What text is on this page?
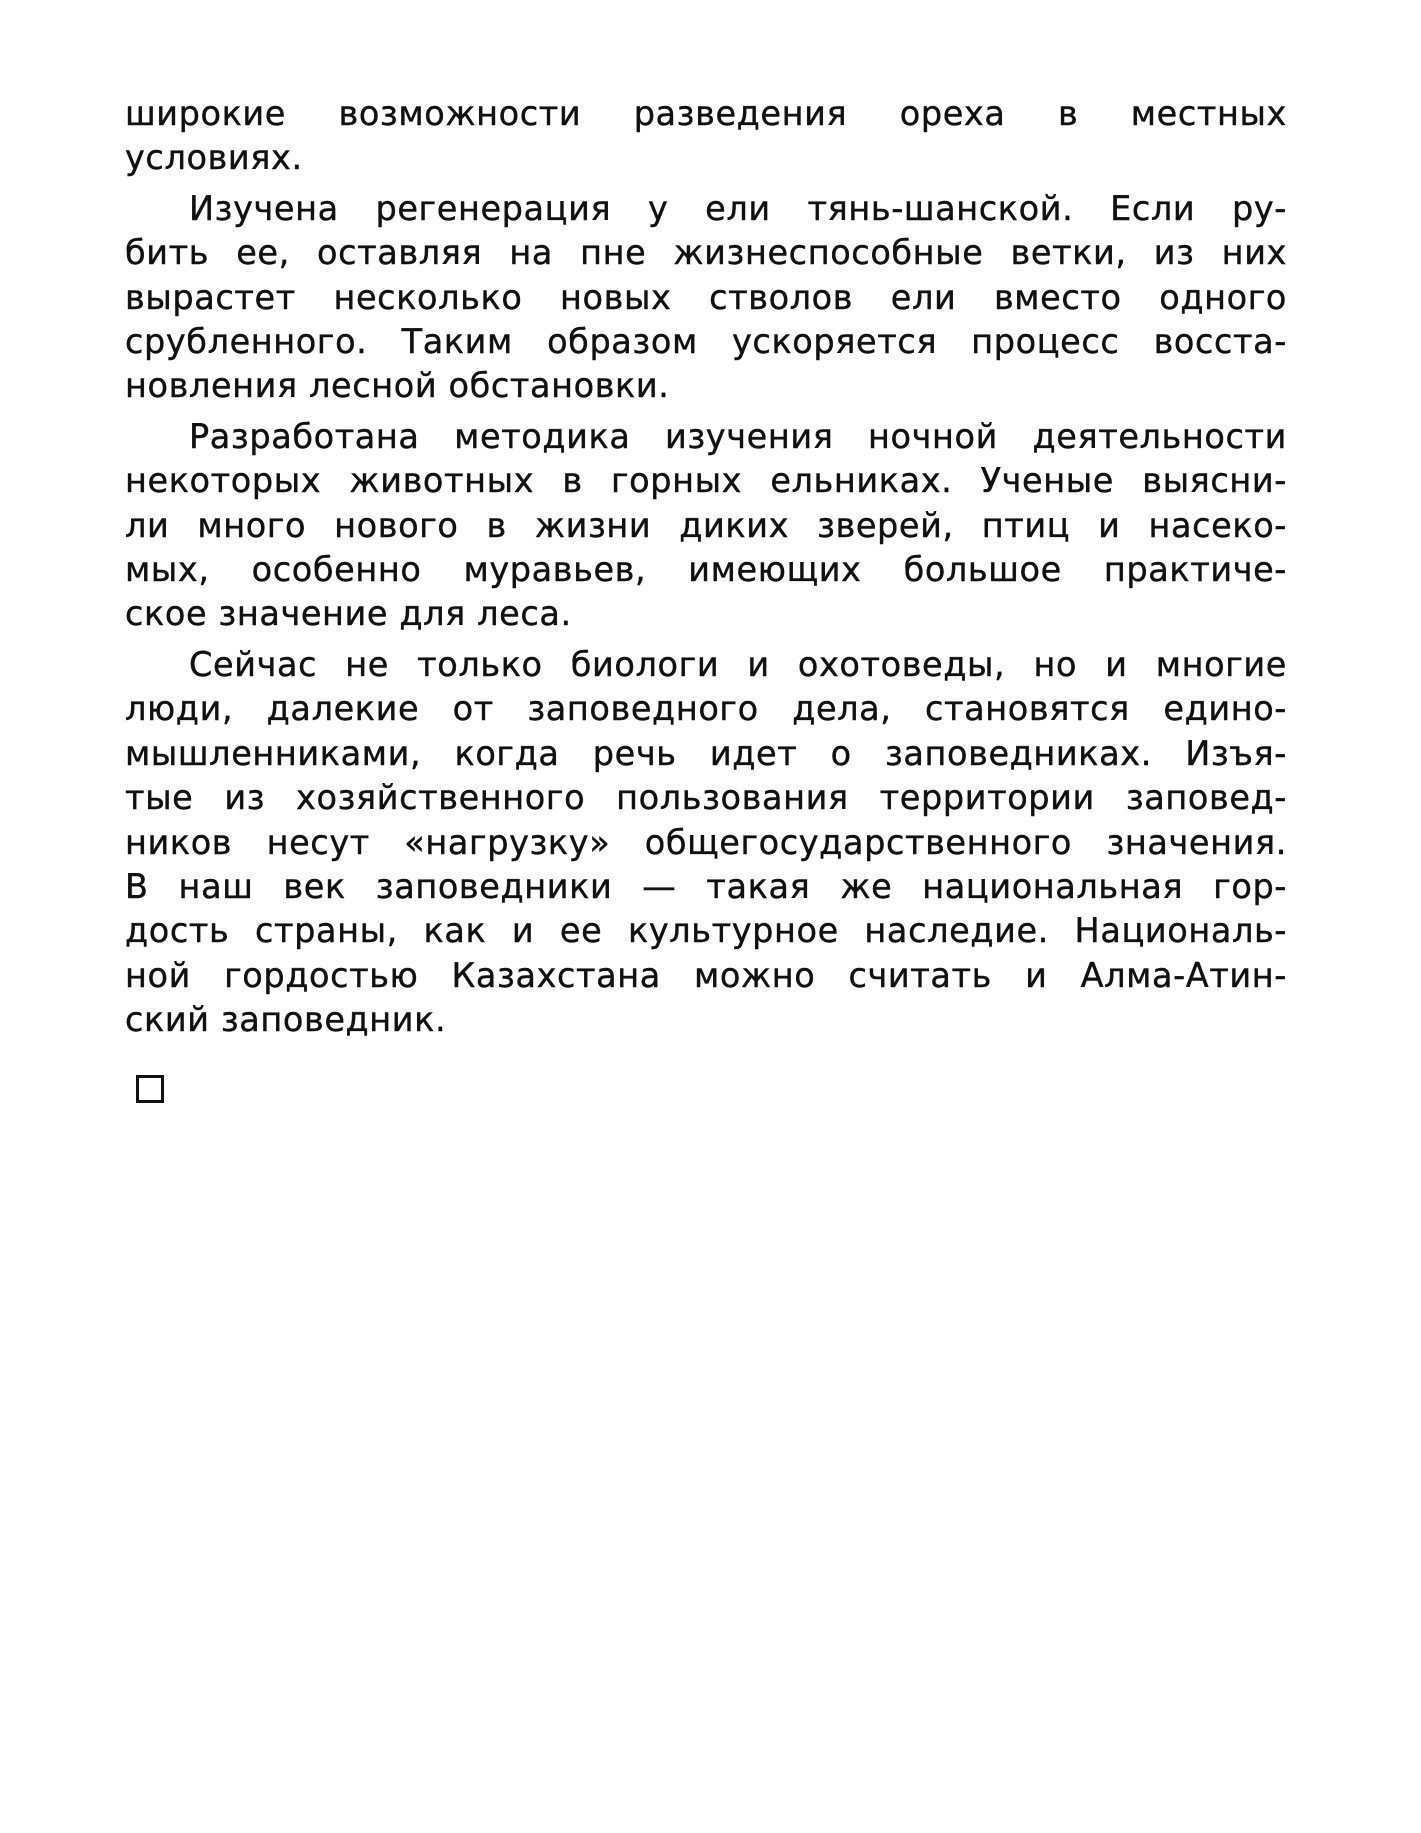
широкие возможности разведения ореха в местных
условиях.
Изучена регенерация у ели тянь-шанской. Если ру-
бить ее, оставляя на пне жизнеспособные ветки, из них
вырастет несколько новых стволов ели вместо одного
срубленного. Таким образом ускоряется процесс восста-
новления лесной обстановки.
Разработана методика изучения ночной деятельности
некоторых животных в горных ельниках. Ученые выясни-
ли много нового в жизни диких зверей, птиц и насеко-
мых, особенно муравьев, имеющих большое практиче-
ское значение для леса.
Сейчас не только биологи и охотоведы, но и многие
люди, далекие от заповедного дела, становятся едино-
мышленниками, когда речь идет о заповедниках. Изъя-
тые из хозяйственного пользования территории заповед-
ников несут «нагрузку» общегосударственного значения.
В наш век заповедники — такая же национальная гор-
дость страны, как и ее культурное наследие. Националь-
ной гордостью Казахстана можно считать и Алма-Атин-
ский заповедник.
